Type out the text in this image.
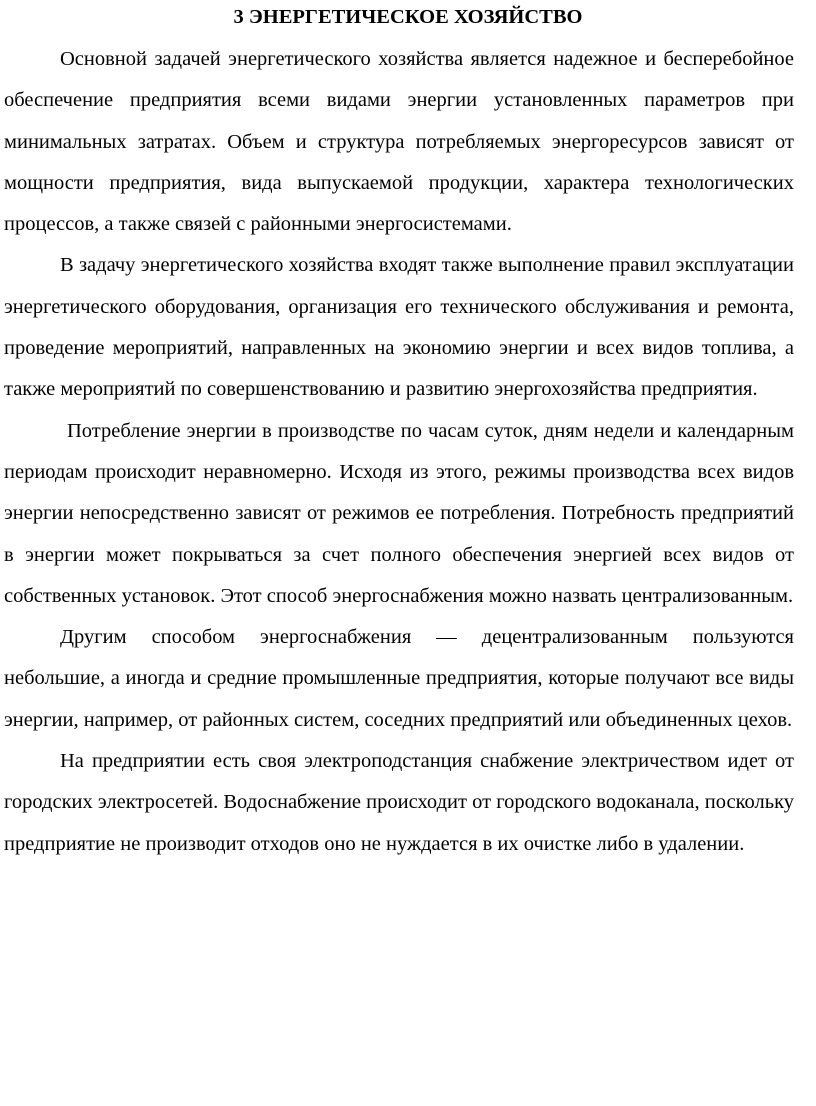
3 ЭНЕРГЕТИЧЕСКОЕ ХОЗЯЙСТВО

Основной задачей энергетического хозяйства является надежное и бесперебойное обеспечение предприятия всеми видами энергии установленных параметров при минимальных затратах. Объем и структура потребляемых энергоресурсов зависят от мощности предприятия, вида выпускаемой продукции, характера технологических процессов, а также связей с районными энергосистемами.

В задачу энергетического хозяйства входят также выполнение правил эксплуатации энергетического оборудования, организация его технического обслуживания и ремонта, проведение мероприятий, направленных на экономию энергии и всех видов топлива, а также мероприятий по совершенствованию и развитию энергохозяйства предприятия.

Потребление энергии в производстве по часам суток, дням недели и календарным периодам происходит неравномерно. Исходя из этого, режимы производства всех видов энергии непосредственно зависят от режимов ее потребления. Потребность предприятий в энергии может покрываться за счет полного обеспечения энергией всех видов от собственных установок. Этот способ энергоснабжения можно назвать централизованным.

Другим способом энергоснабжения — децентрализованным пользуются небольшие, а иногда и средние промышленные предприятия, которые получают все виды энергии, например, от районных систем, соседних предприятий или объединенных цехов.

На предприятии есть своя электроподстанция снабжение электричеством идет от городских электросетей. Водоснабжение происходит от городского водоканала, поскольку предприятие не производит отходов оно не нуждается в их очистке либо в удалении.
